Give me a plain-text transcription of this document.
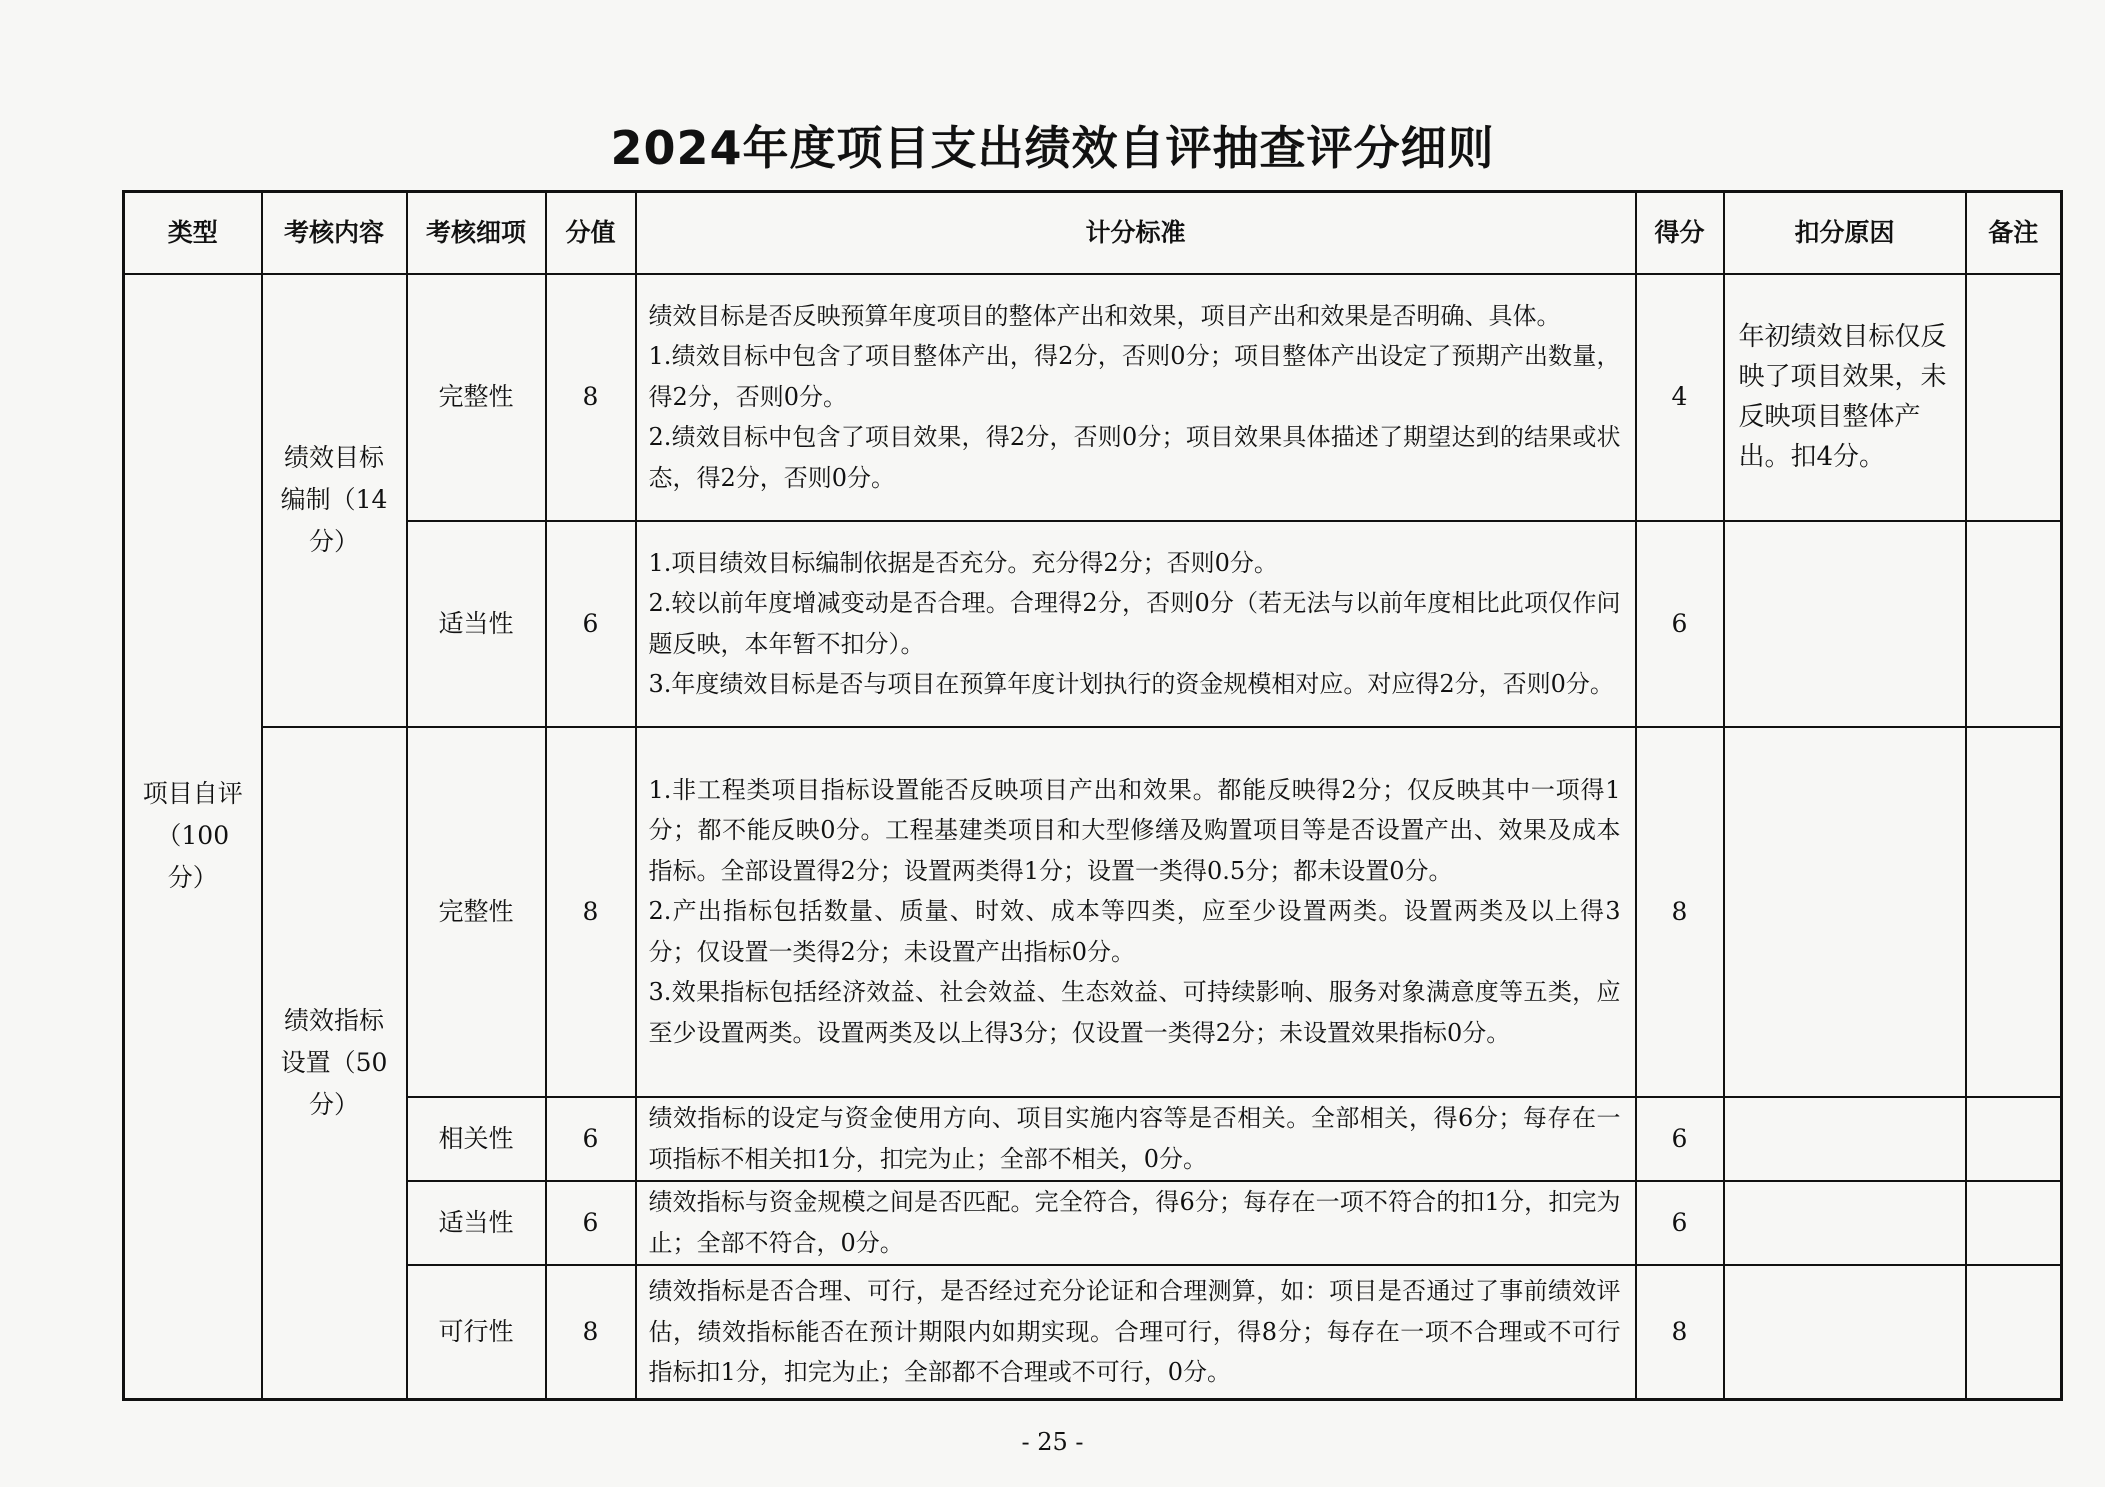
2024年度项目支出绩效自评抽查评分细则
类型	考核内容	考核细项	分值	计分标准	得分	扣分原因	备注
项目自评（100分）	绩效目标编制（14分）	完整性	8	绩效目标是否反映预算年度项目的整体产出和效果，项目产出和效果是否明确、具体。
1.绩效目标中包含了项目整体产出，得2分，否则0分；项目整体产出设定了预期产出数量，得2分，否则0分。
2.绩效目标中包含了项目效果，得2分，否则0分；项目效果具体描述了期望达到的结果或状态，得2分，否则0分。	4	年初绩效目标仅反映了项目效果，未反映项目整体产出。扣4分。	
		适当性	6	1.项目绩效目标编制依据是否充分。充分得2分；否则0分。
2.较以前年度增减变动是否合理。合理得2分，否则0分（若无法与以前年度相比此项仅作问题反映，本年暂不扣分）。
3.年度绩效目标是否与项目在预算年度计划执行的资金规模相对应。对应得2分，否则0分。	6		
	绩效指标设置（50分）	完整性	8	1.非工程类项目指标设置能否反映项目产出和效果。都能反映得2分；仅反映其中一项得1分；都不能反映0分。工程基建类项目和大型修缮及购置项目等是否设置产出、效果及成本指标。全部设置得2分；设置两类得1分；设置一类得0.5分；都未设置0分。
2.产出指标包括数量、质量、时效、成本等四类，应至少设置两类。设置两类及以上得3分；仅设置一类得2分；未设置产出指标0分。
3.效果指标包括经济效益、社会效益、生态效益、可持续影响、服务对象满意度等五类，应至少设置两类。设置两类及以上得3分；仅设置一类得2分；未设置效果指标0分。	8		
		相关性	6	绩效指标的设定与资金使用方向、项目实施内容等是否相关。全部相关，得6分；每存在一项指标不相关扣1分，扣完为止；全部不相关，0分。	6		
		适当性	6	绩效指标与资金规模之间是否匹配。完全符合，得6分；每存在一项不符合的扣1分，扣完为止；全部不符合，0分。	6		
		可行性	8	绩效指标是否合理、可行，是否经过充分论证和合理测算，如：项目是否通过了事前绩效评估，绩效指标能否在预计期限内如期实现。合理可行，得8分；每存在一项不合理或不可行指标扣1分，扣完为止；全部都不合理或不可行，0分。	8		
- 25 -
